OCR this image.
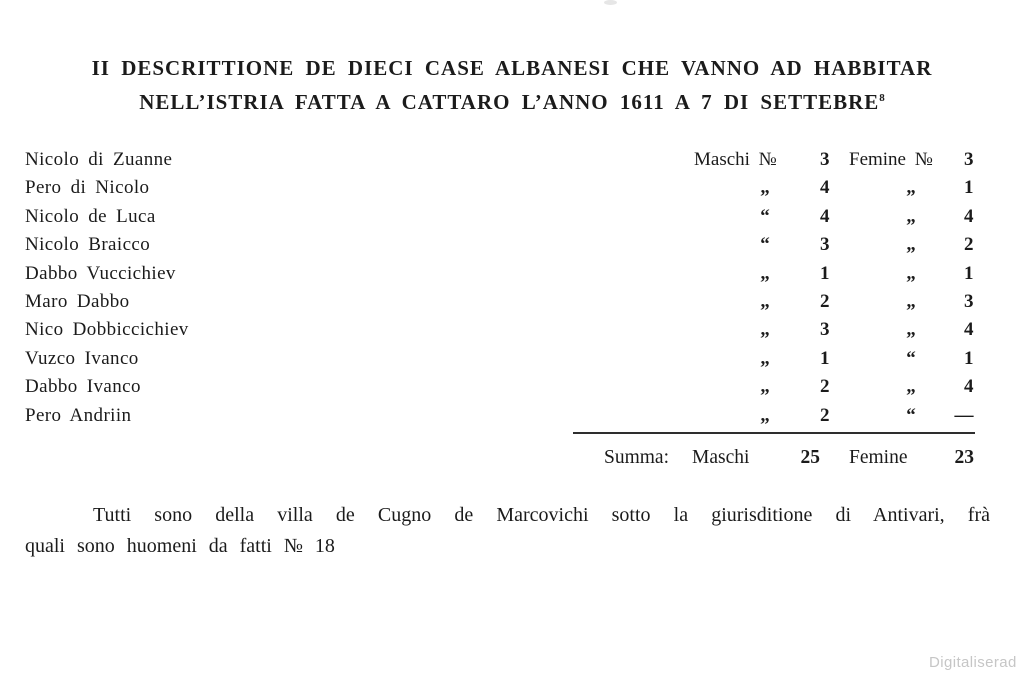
II DESCRITTIONE DE DIECI CASE ALBANESI CHE VANNO AD HABBITAR
NELL’ISTRIA FATTA A CATTARO L’ANNO 1611 A 7 DI SETTEBRE$^8$
Nicolo di Zuanne	Maschi №	3 Femine №	3
Pero di Nicolo	„	4	„	1
Nicolo de Luca	“	4	„	4
Nicolo Braicco	“	3	„	2
Dabbo Vuccichiev	„	1	„	1
Maro Dabbo	„	2	„	3
Nico Dobbiccichiev	„	3	„	4
Vuzco Ivanco	„	1	“	1
Dabbo Ivanco	„	2	„	4
Pero Andriin	„	2	“	—
Summa: Maschi	25 Femine	23
Tutti sono della villa de Cugno de Marcovichi sotto la giurisditione di Antivari, frà
quali sono huomeni da fatti № 18
Digitaliserad
